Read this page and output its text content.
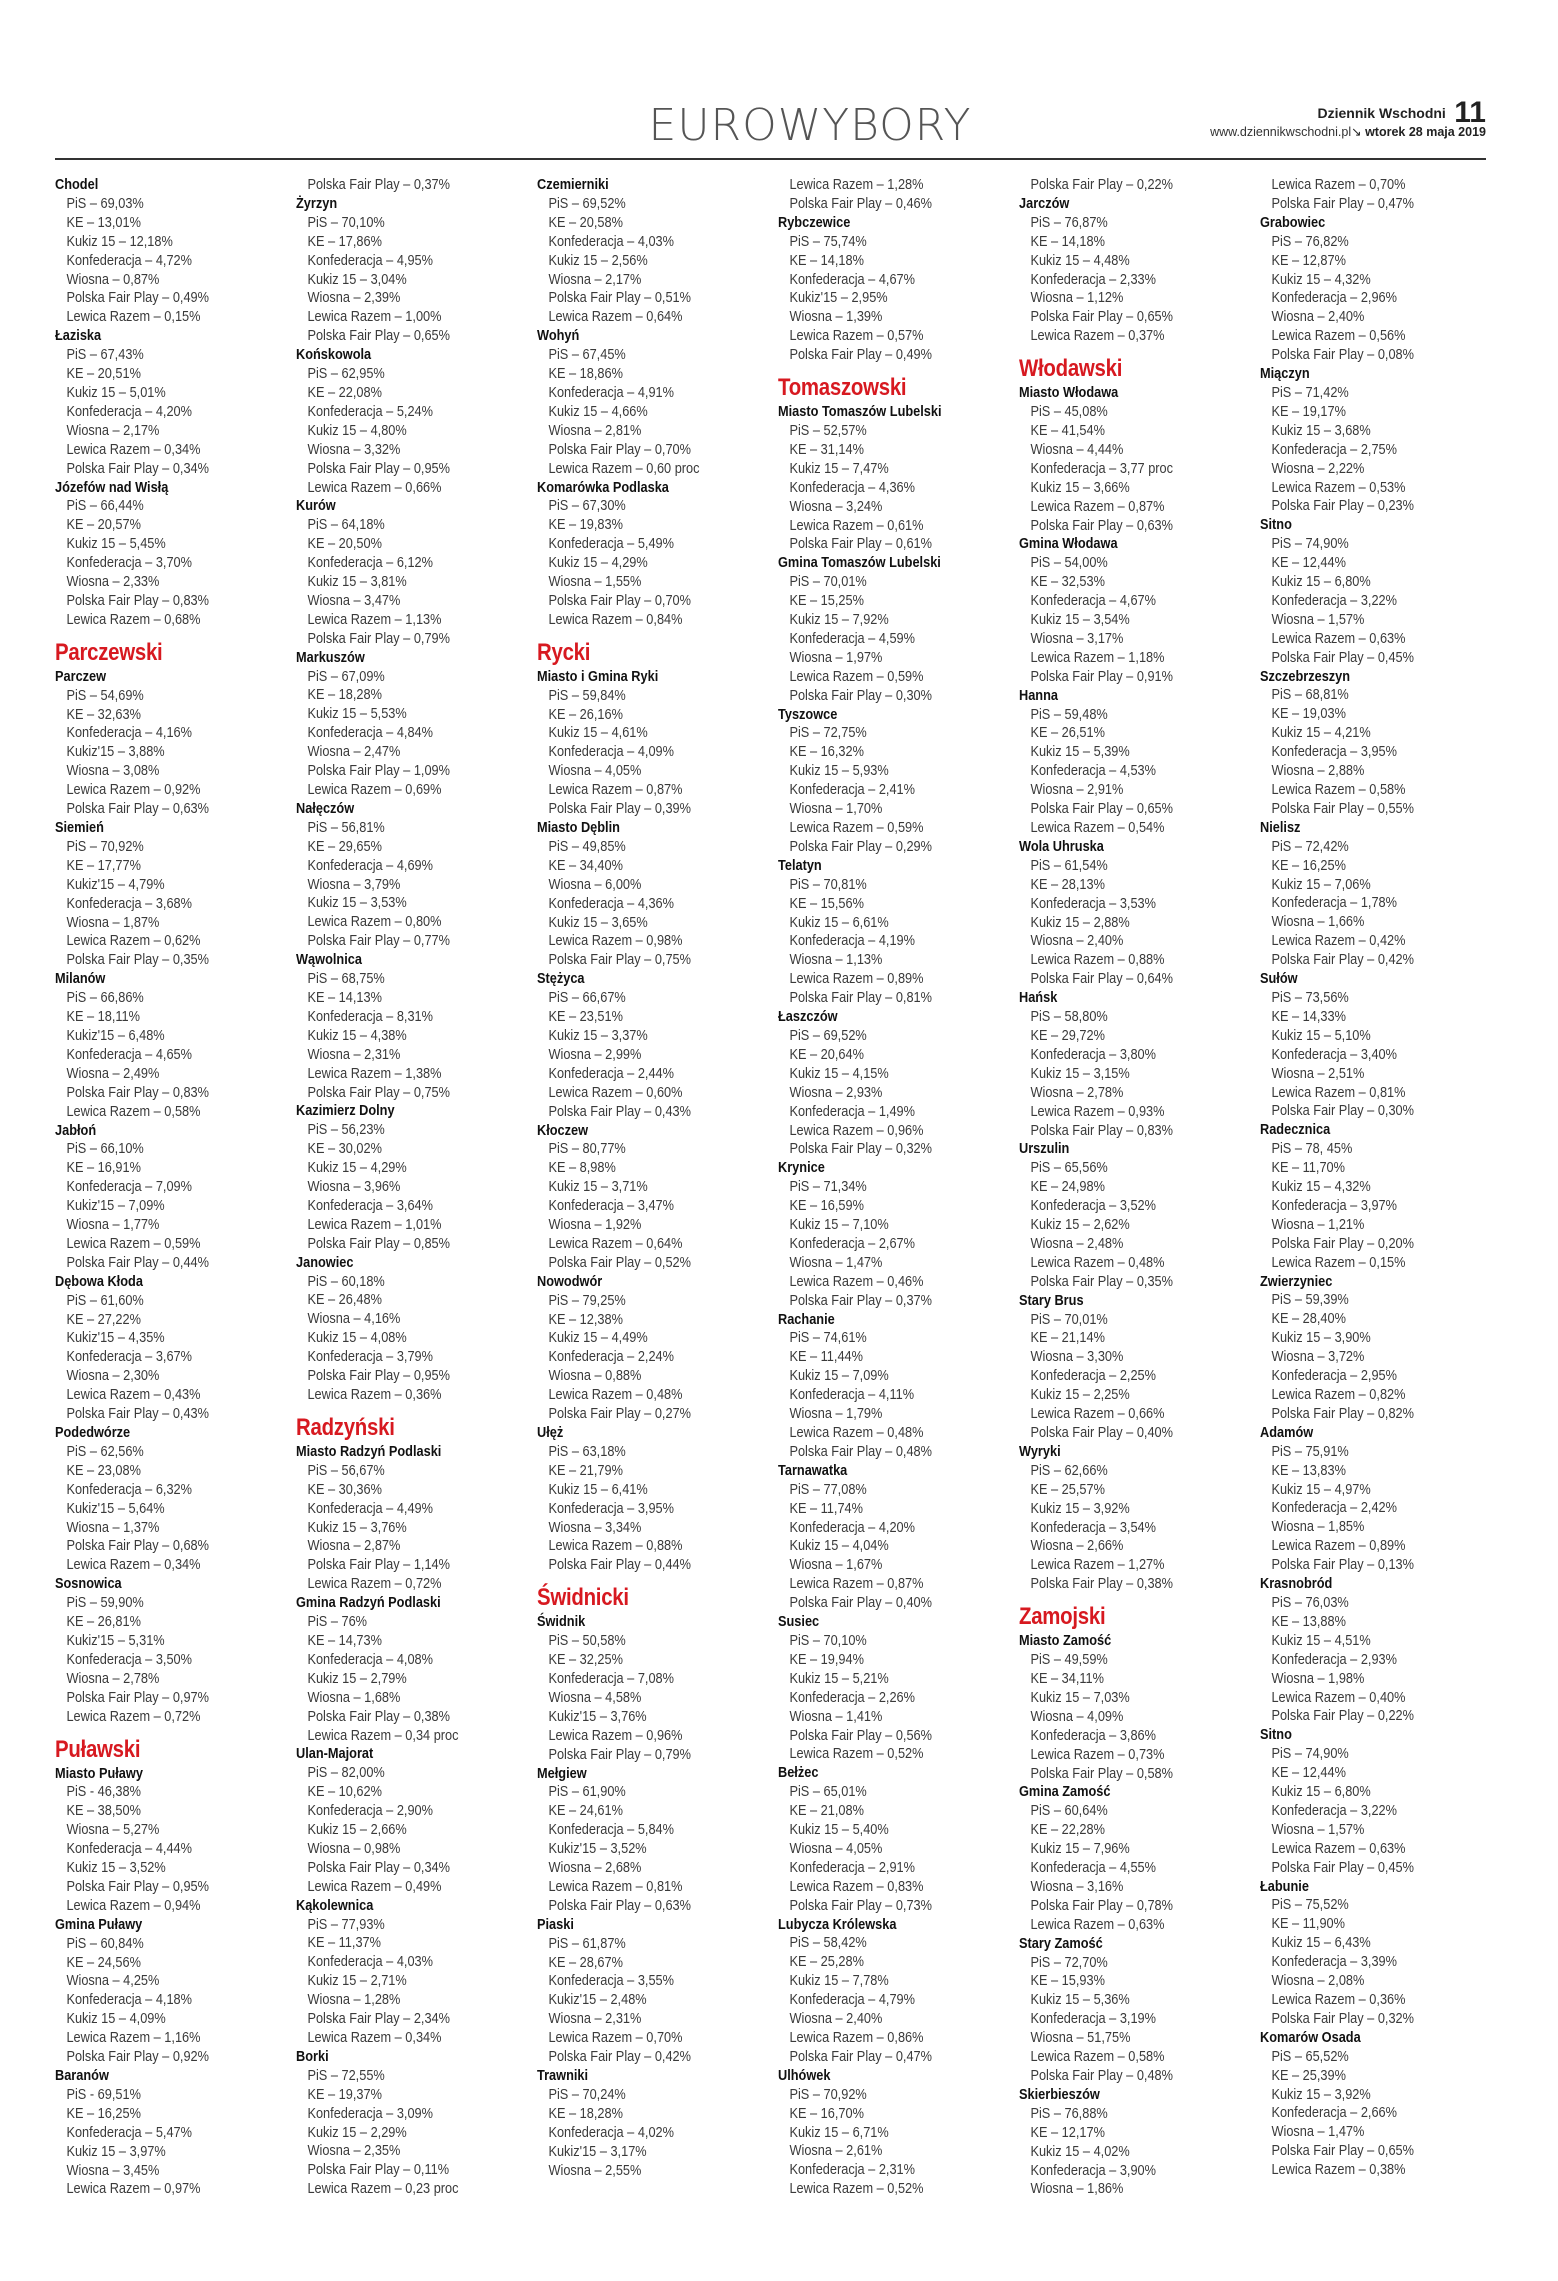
EUROWYBORY	Dziennik Wschodni 11
www.dziennikwschodni.pl↘ wtorek 28 maja 2019
Chodel
PiS – 69,03%
KE – 13,01%
Kukiz 15 – 12,18%
Konfederacja – 4,72%
Wiosna – 0,87%
Polska Fair Play – 0,49%
Lewica Razem – 0,15%
Łaziska
PiS – 67,43%
KE – 20,51%
Kukiz 15 – 5,01%
Konfederacja – 4,20%
Wiosna – 2,17%
Lewica Razem – 0,34%
Polska Fair Play – 0,34%
Józefów nad Wisłą
PiS – 66,44%
KE – 20,57%
Kukiz 15 – 5,45%
Konfederacja – 3,70%
Wiosna – 2,33%
Polska Fair Play – 0,83%
Lewica Razem – 0,68%
Parczewski
Parczew
PiS – 54,69%
KE – 32,63%
Konfederacja – 4,16%
Kukiz'15 – 3,88%
Wiosna – 3,08%
Lewica Razem – 0,92%
Polska Fair Play – 0,63%
Siemień
PiS – 70,92%
KE – 17,77%
Kukiz'15 – 4,79%
Konfederacja – 3,68%
Wiosna – 1,87%
Lewica Razem – 0,62%
Polska Fair Play – 0,35%
Milanów
PiS – 66,86%
KE – 18,11%
Kukiz'15 – 6,48%
Konfederacja – 4,65%
Wiosna – 2,49%
Polska Fair Play – 0,83%
Lewica Razem – 0,58%
Jabłoń
PiS – 66,10%
KE – 16,91%
Konfederacja – 7,09%
Kukiz'15 – 7,09%
Wiosna – 1,77%
Lewica Razem – 0,59%
Polska Fair Play – 0,44%
Dębowa Kłoda
PiS – 61,60%
KE – 27,22%
Kukiz'15 – 4,35%
Konfederacja – 3,67%
Wiosna – 2,30%
Lewica Razem – 0,43%
Polska Fair Play – 0,43%
Podedwórze
PiS – 62,56%
KE – 23,08%
Konfederacja – 6,32%
Kukiz'15 – 5,64%
Wiosna – 1,37%
Polska Fair Play – 0,68%
Lewica Razem – 0,34%
Sosnowica
PiS – 59,90%
KE – 26,81%
Kukiz'15 – 5,31%
Konfederacja – 3,50%
Wiosna – 2,78%
Polska Fair Play – 0,97%
Lewica Razem – 0,72%
Puławski
Miasto Puławy
PiS - 46,38%
KE – 38,50%
Wiosna – 5,27%
Konfederacja – 4,44%
Kukiz 15 – 3,52%
Polska Fair Play – 0,95%
Lewica Razem – 0,94%
Gmina Puławy
PiS – 60,84%
KE – 24,56%
Wiosna – 4,25%
Konfederacja – 4,18%
Kukiz 15 – 4,09%
Lewica Razem – 1,16%
Polska Fair Play – 0,92%
Baranów
PiS - 69,51%
KE – 16,25%
Konfederacja – 5,47%
Kukiz 15 – 3,97%
Wiosna – 3,45%
Lewica Razem – 0,97%
Polska Fair Play – 0,37%
Żyrzyn
PiS – 70,10%
KE – 17,86%
Konfederacja – 4,95%
Kukiz 15 – 3,04%
Wiosna – 2,39%
Lewica Razem – 1,00%
Polska Fair Play – 0,65%
Końskowola
PiS – 62,95%
KE – 22,08%
Konfederacja – 5,24%
Kukiz 15 – 4,80%
Wiosna – 3,32%
Polska Fair Play – 0,95%
Lewica Razem – 0,66%
Kurów
PiS – 64,18%
KE – 20,50%
Konfederacja – 6,12%
Kukiz 15 – 3,81%
Wiosna – 3,47%
Lewica Razem – 1,13%
Polska Fair Play – 0,79%
Markuszów
PiS – 67,09%
KE – 18,28%
Kukiz 15 – 5,53%
Konfederacja – 4,84%
Wiosna – 2,47%
Polska Fair Play – 1,09%
Lewica Razem – 0,69%
Nałęczów
PiS – 56,81%
KE – 29,65%
Konfederacja – 4,69%
Wiosna – 3,79%
Kukiz 15 – 3,53%
Lewica Razem – 0,80%
Polska Fair Play – 0,77%
Wąwolnica
PiS – 68,75%
KE – 14,13%
Konfederacja – 8,31%
Kukiz 15 – 4,38%
Wiosna – 2,31%
Lewica Razem – 1,38%
Polska Fair Play – 0,75%
Kazimierz Dolny
PiS – 56,23%
KE – 30,02%
Kukiz 15 – 4,29%
Wiosna – 3,96%
Konfederacja – 3,64%
Lewica Razem – 1,01%
Polska Fair Play – 0,85%
Janowiec
PiS – 60,18%
KE – 26,48%
Wiosna – 4,16%
Kukiz 15 – 4,08%
Konfederacja – 3,79%
Polska Fair Play – 0,95%
Lewica Razem – 0,36%
Radzyński
Miasto Radzyń Podlaski
PiS – 56,67%
KE – 30,36%
Konfederacja – 4,49%
Kukiz 15 – 3,76%
Wiosna – 2,87%
Polska Fair Play – 1,14%
Lewica Razem – 0,72%
Gmina Radzyń Podlaski
PiS – 76%
KE – 14,73%
Konfederacja – 4,08%
Kukiz 15 – 2,79%
Wiosna – 1,68%
Polska Fair Play – 0,38%
Lewica Razem – 0,34 proc
Ulan-Majorat
PiS – 82,00%
KE – 10,62%
Konfederacja – 2,90%
Kukiz 15 – 2,66%
Wiosna – 0,98%
Polska Fair Play – 0,34%
Lewica Razem – 0,49%
Kąkolewnica
PiS – 77,93%
KE – 11,37%
Konfederacja – 4,03%
Kukiz 15 – 2,71%
Wiosna – 1,28%
Polska Fair Play – 2,34%
Lewica Razem – 0,34%
Borki
PiS – 72,55%
KE – 19,37%
Konfederacja – 3,09%
Kukiz 15 – 2,29%
Wiosna – 2,35%
Polska Fair Play – 0,11%
Lewica Razem – 0,23 proc
Czemierniki
PiS – 69,52%
KE – 20,58%
Konfederacja – 4,03%
Kukiz 15 – 2,56%
Wiosna – 2,17%
Polska Fair Play – 0,51%
Lewica Razem – 0,64%
Wohyń
PiS – 67,45%
KE – 18,86%
Konfederacja – 4,91%
Kukiz 15 – 4,66%
Wiosna – 2,81%
Polska Fair Play – 0,70%
Lewica Razem – 0,60 proc
Komarówka Podlaska
PiS – 67,30%
KE – 19,83%
Konfederacja – 5,49%
Kukiz 15 – 4,29%
Wiosna – 1,55%
Polska Fair Play – 0,70%
Lewica Razem – 0,84%
Rycki
Miasto i Gmina Ryki
PiS – 59,84%
KE – 26,16%
Kukiz 15 – 4,61%
Konfederacja – 4,09%
Wiosna – 4,05%
Lewica Razem – 0,87%
Polska Fair Play – 0,39%
Miasto Dęblin
PiS – 49,85%
KE – 34,40%
Wiosna – 6,00%
Konfederacja – 4,36%
Kukiz 15 – 3,65%
Lewica Razem – 0,98%
Polska Fair Play – 0,75%
Stężyca
PiS – 66,67%
KE – 23,51%
Kukiz 15 – 3,37%
Wiosna – 2,99%
Konfederacja – 2,44%
Lewica Razem – 0,60%
Polska Fair Play – 0,43%
Kłoczew
PiS – 80,77%
KE – 8,98%
Kukiz 15 – 3,71%
Konfederacja – 3,47%
Wiosna – 1,92%
Lewica Razem – 0,64%
Polska Fair Play – 0,52%
Nowodwór
PiS – 79,25%
KE – 12,38%
Kukiz 15 – 4,49%
Konfederacja – 2,24%
Wiosna – 0,88%
Lewica Razem – 0,48%
Polska Fair Play – 0,27%
Ułęż
PiS – 63,18%
KE – 21,79%
Kukiz 15 – 6,41%
Konfederacja – 3,95%
Wiosna – 3,34%
Lewica Razem – 0,88%
Polska Fair Play – 0,44%
Świdnicki
Świdnik
PiS – 50,58%
KE – 32,25%
Konfederacja – 7,08%
Wiosna – 4,58%
Kukiz'15 – 3,76%
Lewica Razem – 0,96%
Polska Fair Play – 0,79%
Mełgiew
PiS – 61,90%
KE – 24,61%
Konfederacja – 5,84%
Kukiz'15 – 3,52%
Wiosna – 2,68%
Lewica Razem – 0,81%
Polska Fair Play – 0,63%
Piaski
PiS – 61,87%
KE – 28,67%
Konfederacja – 3,55%
Kukiz'15 – 2,48%
Wiosna – 2,31%
Lewica Razem – 0,70%
Polska Fair Play – 0,42%
Trawniki
PiS – 70,24%
KE – 18,28%
Konfederacja – 4,02%
Kukiz'15 – 3,17%
Wiosna – 2,55%
Lewica Razem – 1,28%
Polska Fair Play – 0,46%
Rybczewice
PiS – 75,74%
KE – 14,18%
Konfederacja – 4,67%
Kukiz'15 – 2,95%
Wiosna – 1,39%
Lewica Razem – 0,57%
Polska Fair Play – 0,49%
Tomaszowski
Miasto Tomaszów Lubelski
PiS – 52,57%
KE – 31,14%
Kukiz 15 – 7,47%
Konfederacja – 4,36%
Wiosna – 3,24%
Lewica Razem – 0,61%
Polska Fair Play – 0,61%
Gmina Tomaszów Lubelski
PiS – 70,01%
KE – 15,25%
Kukiz 15 – 7,92%
Konfederacja – 4,59%
Wiosna – 1,97%
Lewica Razem – 0,59%
Polska Fair Play – 0,30%
Tyszowce
PiS – 72,75%
KE – 16,32%
Kukiz 15 – 5,93%
Konfederacja – 2,41%
Wiosna – 1,70%
Lewica Razem – 0,59%
Polska Fair Play – 0,29%
Telatyn
PiS – 70,81%
KE – 15,56%
Kukiz 15 – 6,61%
Konfederacja – 4,19%
Wiosna – 1,13%
Lewica Razem – 0,89%
Polska Fair Play – 0,81%
Łaszczów
PiS – 69,52%
KE – 20,64%
Kukiz 15 – 4,15%
Wiosna – 2,93%
Konfederacja – 1,49%
Lewica Razem – 0,96%
Polska Fair Play – 0,32%
Krynice
PiS – 71,34%
KE – 16,59%
Kukiz 15 – 7,10%
Konfederacja – 2,67%
Wiosna – 1,47%
Lewica Razem – 0,46%
Polska Fair Play – 0,37%
Rachanie
PiS – 74,61%
KE – 11,44%
Kukiz 15 – 7,09%
Konfederacja – 4,11%
Wiosna – 1,79%
Lewica Razem – 0,48%
Polska Fair Play – 0,48%
Tarnawatka
PiS – 77,08%
KE – 11,74%
Konfederacja – 4,20%
Kukiz 15 – 4,04%
Wiosna – 1,67%
Lewica Razem – 0,87%
Polska Fair Play – 0,40%
Susiec
PiS – 70,10%
KE – 19,94%
Kukiz 15 – 5,21%
Konfederacja – 2,26%
Wiosna – 1,41%
Polska Fair Play – 0,56%
Lewica Razem – 0,52%
Bełżec
PiS – 65,01%
KE – 21,08%
Kukiz 15 – 5,40%
Wiosna – 4,05%
Konfederacja – 2,91%
Lewica Razem – 0,83%
Polska Fair Play – 0,73%
Lubycza Królewska
PiS – 58,42%
KE – 25,28%
Kukiz 15 – 7,78%
Konfederacja – 4,79%
Wiosna – 2,40%
Lewica Razem – 0,86%
Polska Fair Play – 0,47%
Ulhówek
PiS – 70,92%
KE – 16,70%
Kukiz 15 – 6,71%
Wiosna – 2,61%
Konfederacja – 2,31%
Lewica Razem – 0,52%
Polska Fair Play – 0,22%
Jarczów
PiS – 76,87%
KE – 14,18%
Kukiz 15 – 4,48%
Konfederacja – 2,33%
Wiosna – 1,12%
Polska Fair Play – 0,65%
Lewica Razem – 0,37%
Włodawski
Miasto Włodawa
PiS – 45,08%
KE – 41,54%
Wiosna – 4,44%
Konfederacja – 3,77 proc
Kukiz 15 – 3,66%
Lewica Razem – 0,87%
Polska Fair Play – 0,63%
Gmina Włodawa
PiS – 54,00%
KE – 32,53%
Konfederacja – 4,67%
Kukiz 15 – 3,54%
Wiosna – 3,17%
Lewica Razem – 1,18%
Polska Fair Play – 0,91%
Hanna
PiS – 59,48%
KE – 26,51%
Kukiz 15 – 5,39%
Konfederacja – 4,53%
Wiosna – 2,91%
Polska Fair Play – 0,65%
Lewica Razem – 0,54%
Wola Uhruska
PiS – 61,54%
KE – 28,13%
Konfederacja – 3,53%
Kukiz 15 – 2,88%
Wiosna – 2,40%
Lewica Razem – 0,88%
Polska Fair Play – 0,64%
Hańsk
PiS – 58,80%
KE – 29,72%
Konfederacja – 3,80%
Kukiz 15 – 3,15%
Wiosna – 2,78%
Lewica Razem – 0,93%
Polska Fair Play – 0,83%
Urszulin
PiS – 65,56%
KE – 24,98%
Konfederacja – 3,52%
Kukiz 15 – 2,62%
Wiosna – 2,48%
Lewica Razem – 0,48%
Polska Fair Play – 0,35%
Stary Brus
PiS – 70,01%
KE – 21,14%
Wiosna – 3,30%
Konfederacja – 2,25%
Kukiz 15 – 2,25%
Lewica Razem – 0,66%
Polska Fair Play – 0,40%
Wyryki
PiS – 62,66%
KE – 25,57%
Kukiz 15 – 3,92%
Konfederacja – 3,54%
Wiosna – 2,66%
Lewica Razem – 1,27%
Polska Fair Play – 0,38%
Zamojski
Miasto Zamość
PiS – 49,59%
KE – 34,11%
Kukiz 15 – 7,03%
Wiosna – 4,09%
Konfederacja – 3,86%
Lewica Razem – 0,73%
Polska Fair Play – 0,58%
Gmina Zamość
PiS – 60,64%
KE – 22,28%
Kukiz 15 – 7,96%
Konfederacja – 4,55%
Wiosna – 3,16%
Polska Fair Play – 0,78%
Lewica Razem – 0,63%
Stary Zamość
PiS – 72,70%
KE – 15,93%
Kukiz 15 – 5,36%
Konfederacja – 3,19%
Wiosna – 51,75%
Lewica Razem – 0,58%
Polska Fair Play – 0,48%
Skierbieszów
PiS – 76,88%
KE – 12,17%
Kukiz 15 – 4,02%
Konfederacja – 3,90%
Wiosna – 1,86%
Lewica Razem – 0,70%
Polska Fair Play – 0,47%
Grabowiec
PiS – 76,82%
KE – 12,87%
Kukiz 15 – 4,32%
Konfederacja – 2,96%
Wiosna – 2,40%
Lewica Razem – 0,56%
Polska Fair Play – 0,08%
Miączyn
PiS – 71,42%
KE – 19,17%
Kukiz 15 – 3,68%
Konfederacja – 2,75%
Wiosna – 2,22%
Lewica Razem – 0,53%
Polska Fair Play – 0,23%
Sitno
PiS – 74,90%
KE – 12,44%
Kukiz 15 – 6,80%
Konfederacja – 3,22%
Wiosna – 1,57%
Lewica Razem – 0,63%
Polska Fair Play – 0,45%
Szczebrzeszyn
PiS – 68,81%
KE – 19,03%
Kukiz 15 – 4,21%
Konfederacja – 3,95%
Wiosna – 2,88%
Lewica Razem – 0,58%
Polska Fair Play – 0,55%
Nielisz
PiS – 72,42%
KE – 16,25%
Kukiz 15 – 7,06%
Konfederacja – 1,78%
Wiosna – 1,66%
Lewica Razem – 0,42%
Polska Fair Play – 0,42%
Sułów
PiS – 73,56%
KE – 14,33%
Kukiz 15 – 5,10%
Konfederacja – 3,40%
Wiosna – 2,51%
Lewica Razem – 0,81%
Polska Fair Play – 0,30%
Radecznica
PiS – 78, 45%
KE – 11,70%
Kukiz 15 – 4,32%
Konfederacja – 3,97%
Wiosna – 1,21%
Polska Fair Play – 0,20%
Lewica Razem – 0,15%
Zwierzyniec
PiS – 59,39%
KE – 28,40%
Kukiz 15 – 3,90%
Wiosna – 3,72%
Konfederacja – 2,95%
Lewica Razem – 0,82%
Polska Fair Play – 0,82%
Adamów
PiS – 75,91%
KE – 13,83%
Kukiz 15 – 4,97%
Konfederacja – 2,42%
Wiosna – 1,85%
Lewica Razem – 0,89%
Polska Fair Play – 0,13%
Krasnobród
PiS – 76,03%
KE – 13,88%
Kukiz 15 – 4,51%
Konfederacja – 2,93%
Wiosna – 1,98%
Lewica Razem – 0,40%
Polska Fair Play – 0,22%
Sitno
PiS – 74,90%
KE – 12,44%
Kukiz 15 – 6,80%
Konfederacja – 3,22%
Wiosna – 1,57%
Lewica Razem – 0,63%
Polska Fair Play – 0,45%
Łabunie
PiS – 75,52%
KE – 11,90%
Kukiz 15 – 6,43%
Konfederacja – 3,39%
Wiosna – 2,08%
Lewica Razem – 0,36%
Polska Fair Play – 0,32%
Komarów Osada
PiS – 65,52%
KE – 25,39%
Kukiz 15 – 3,92%
Konfederacja – 2,66%
Wiosna – 1,47%
Polska Fair Play – 0,65%
Lewica Razem – 0,38%
